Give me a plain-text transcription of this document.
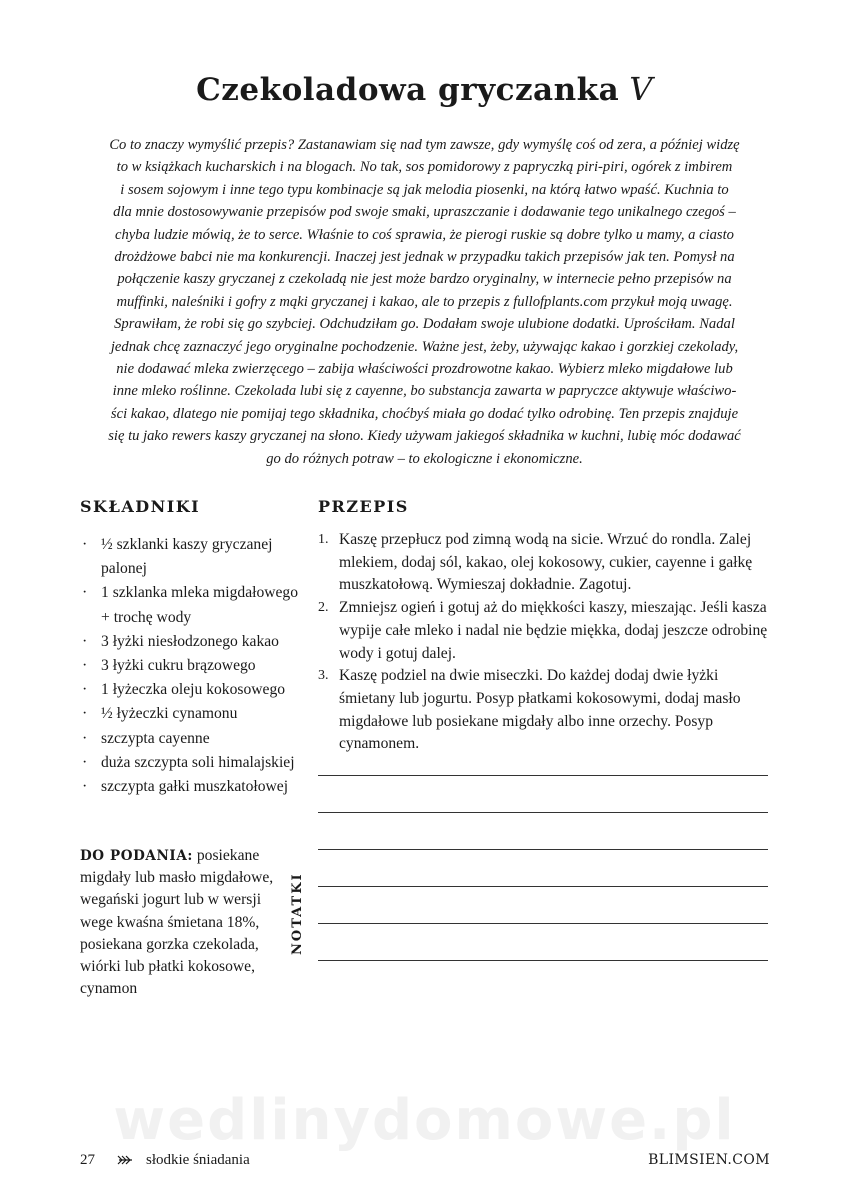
Czekoladowa gryczanka V

Co to znaczy wymyślić przepis? Zastanawiam się nad tym zawsze, gdy wymyślę coś od zera, a później widzę
to w książkach kucharskich i na blogach. No tak, sos pomidorowy z papryczką piri-piri, ogórek z imbirem
i sosem sojowym i inne tego typu kombinacje są jak melodia piosenki, na którą łatwo wpaść. Kuchnia to
dla mnie dostosowywanie przepisów pod swoje smaki, upraszczanie i dodawanie tego unikalnego czegoś –
chyba ludzie mówią, że to serce. Właśnie to coś sprawia, że pierogi ruskie są dobre tylko u mamy, a ciasto
drożdżowe babci nie ma konkurencji. Inaczej jest jednak w przypadku takich przepisów jak ten. Pomysł na
połączenie kaszy gryczanej z czekoladą nie jest może bardzo oryginalny, w internecie pełno przepisów na
muffinki, naleśniki i gofry z mąki gryczanej i kakao, ale to przepis z fullofplants.com przykuł moją uwagę.
Sprawiłam, że robi się go szybciej. Odchudziłam go. Dodałam swoje ulubione dodatki. Uprościłam. Nadal
jednak chcę zaznaczyć jego oryginalne pochodzenie. Ważne jest, żeby, używając kakao i gorzkiej czekolady,
nie dodawać mleka zwierzęcego – zabija właściwości prozdrowotne kakao. Wybierz mleko migdałowe lub
inne mleko roślinne. Czekolada lubi się z cayenne, bo substancja zawarta w papryczce aktywuje właściwo-
ści kakao, dlatego nie pomijaj tego składnika, choćbyś miała go dodać tylko odrobinę. Ten przepis znajduje
się tu jako rewers kaszy gryczanej na słono. Kiedy używam jakiegoś składnika w kuchni, lubię móc dodawać
go do różnych potraw – to ekologiczne i ekonomiczne.

SKŁADNIKI
· ½ szklanki kaszy gryczanej palonej
· 1 szklanka mleka migdałowego + trochę wody
· 3 łyżki niesłodzonego kakao
· 3 łyżki cukru brązowego
· 1 łyżeczka oleju kokosowego
· ½ łyżeczki cynamonu
· szczypta cayenne
· duża szczypta soli himalajskiej
· szczypta gałki muszkatołowej
DO PODANIA: posiekane migdały lub masło migdałowe, wegański jogurt lub w wersji wege kwaśna śmietana 18%, posiekana gorzka czekolada, wiórki lub płatki kokosowe, cynamon
PRZEPIS
1. Kaszę przepłucz pod zimną wodą na sicie. Wrzuć do rondla. Zalej mlekiem, dodaj sól, kakao, olej kokosowy, cukier, cayenne i gałkę muszkatołową. Wymieszaj dokładnie. Zagotuj.
2. Zmniejsz ogień i gotuj aż do miękkości kaszy, mieszając. Jeśli kasza wypije całe mleko i nadal nie będzie miękka, dodaj jeszcze odrobinę wody i gotuj dalej.
3. Kaszę podziel na dwie miseczki. Do każdej dodaj dwie łyżki śmietany lub jogurtu. Posyp płatkami kokosowymi, dodaj masło migdałowe lub posiekane migdały albo inne orzechy. Posyp cynamonem.
NOTATKI
wedlinydomowe.pl
27	słodkie śniadania	BLIMSIEN.COM
